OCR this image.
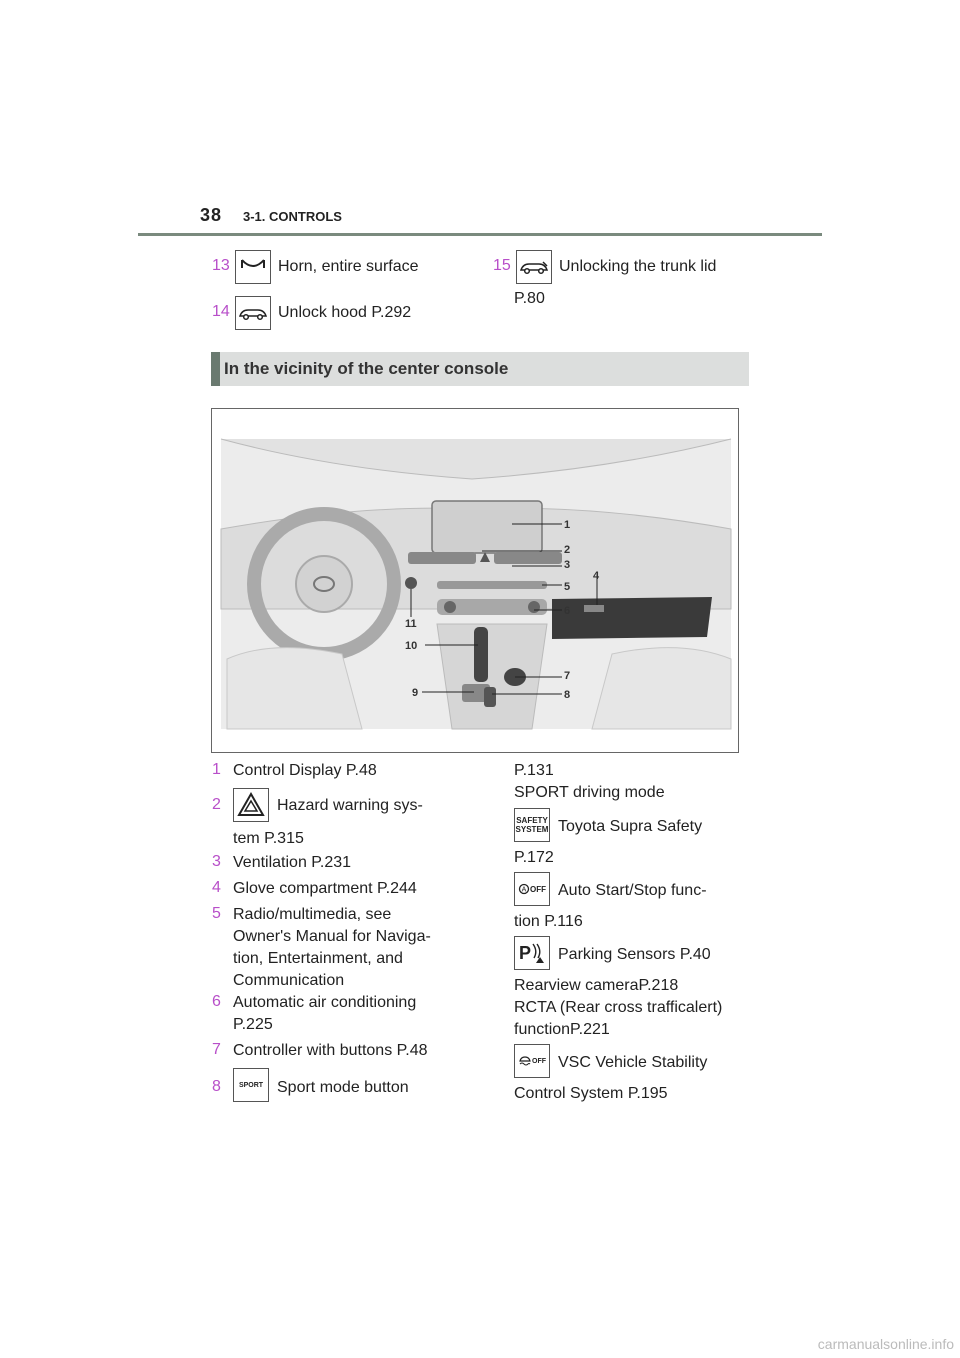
38 3-1. CONTROLS
13	Horn, entire surface
14	Unlock hood P.292
15	Unlocking the trunk lid
P.80
In the vicinity of the center console
1
2
3
4
5
6
7
8
9
10
11
1 Control Display P.48
2	Hazard warning sys-
tem P.315
3 Ventilation P.231
4 Glove compartment P.244
5 Radio/multimedia, see
Owner's Manual for Naviga-
tion, Entertainment, and
Communication
6 Automatic air conditioning
P.225
7 Controller with buttons P.48
8	SPORT Sport mode button
P.131
SPORT driving mode
SAFETY
SYSTEM Toyota Supra Safety
P.172
A OFF Auto Start/Stop func-
tion P.116
P Parking Sensors P.40
Rearview cameraP.218
RCTA (Rear cross trafficalert)
functionP.221
OFF VSC Vehicle Stability
Control System P.195
carmanualsonline.info
